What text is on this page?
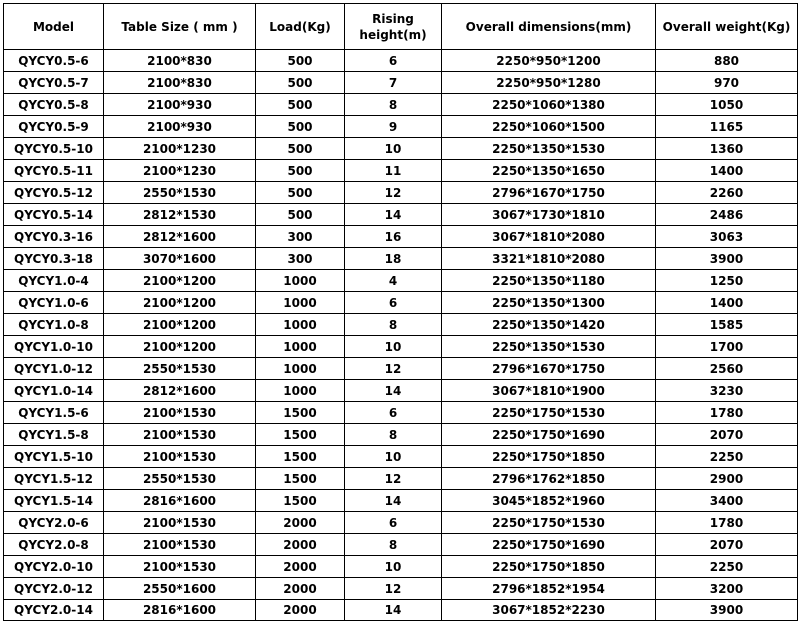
Model	Table Size ( mm )	Load(Kg)	Rising height(m)	Overall dimensions(mm)	Overall weight(Kg)
QYCY0.5-6	2100*830	500	6	2250*950*1200	880
QYCY0.5-7	2100*830	500	7	2250*950*1280	970
QYCY0.5-8	2100*930	500	8	2250*1060*1380	1050
QYCY0.5-9	2100*930	500	9	2250*1060*1500	1165
QYCY0.5-10	2100*1230	500	10	2250*1350*1530	1360
QYCY0.5-11	2100*1230	500	11	2250*1350*1650	1400
QYCY0.5-12	2550*1530	500	12	2796*1670*1750	2260
QYCY0.5-14	2812*1530	500	14	3067*1730*1810	2486
QYCY0.3-16	2812*1600	300	16	3067*1810*2080	3063
QYCY0.3-18	3070*1600	300	18	3321*1810*2080	3900
QYCY1.0-4	2100*1200	1000	4	2250*1350*1180	1250
QYCY1.0-6	2100*1200	1000	6	2250*1350*1300	1400
QYCY1.0-8	2100*1200	1000	8	2250*1350*1420	1585
QYCY1.0-10	2100*1200	1000	10	2250*1350*1530	1700
QYCY1.0-12	2550*1530	1000	12	2796*1670*1750	2560
QYCY1.0-14	2812*1600	1000	14	3067*1810*1900	3230
QYCY1.5-6	2100*1530	1500	6	2250*1750*1530	1780
QYCY1.5-8	2100*1530	1500	8	2250*1750*1690	2070
QYCY1.5-10	2100*1530	1500	10	2250*1750*1850	2250
QYCY1.5-12	2550*1530	1500	12	2796*1762*1850	2900
QYCY1.5-14	2816*1600	1500	14	3045*1852*1960	3400
QYCY2.0-6	2100*1530	2000	6	2250*1750*1530	1780
QYCY2.0-8	2100*1530	2000	8	2250*1750*1690	2070
QYCY2.0-10	2100*1530	2000	10	2250*1750*1850	2250
QYCY2.0-12	2550*1600	2000	12	2796*1852*1954	3200
QYCY2.0-14	2816*1600	2000	14	3067*1852*2230	3900
